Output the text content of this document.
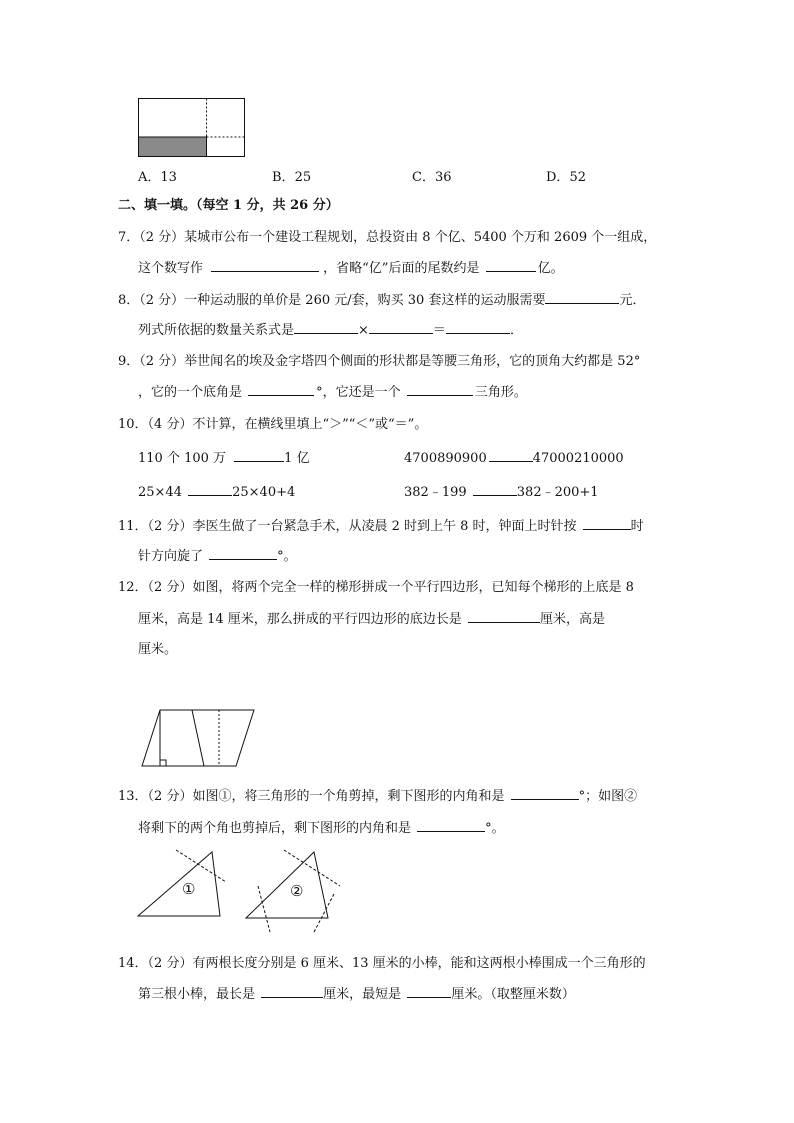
A．13	B．25	C．36	D．52
二、填一填。（每空 1 分，共 26 分）
7．（2 分）某城市公布一个建设工程规划，总投资由 8 个亿、5400 个万和 2609 个一组成，
这个数写作	，省略“亿”后面的尾数约是	亿。
8．（2 分）一种运动服的单价是 260 元/套，购买 30 套这样的运动服需要	元．
列式所依据的数量关系式是	×	＝	．
9．（2 分）举世闻名的埃及金字塔四个侧面的形状都是等腰三角形，它的顶角大约都是 52°
，它的一个底角是	°，它还是一个	三角形。
10．（4 分）不计算，在横线里填上“＞”“＜”或“＝”。
110 个 100 万	1 亿	4700890900	47000210000
25×44	25×40+4	382﹣199	382﹣200+1
11．（2 分）李医生做了一台紧急手术，从凌晨 2 时到上午 8 时，钟面上时针按	时
针方向旋了	°。
12．（2 分）如图，将两个完全一样的梯形拼成一个平行四边形，已知每个梯形的上底是 8
厘米，高是 14 厘米，那么拼成的平行四边形的底边长是	厘米，高是
厘米。
13．（2 分）如图①，将三角形的一个角剪掉，剩下图形的内角和是	°；如图②
将剩下的两个角也剪掉后，剩下图形的内角和是	°。
①	②
14．（2 分）有两根长度分别是 6 厘米、13 厘米的小棒，能和这两根小棒围成一个三角形的
第三根小棒，最长是	厘米，最短是	厘米。（取整厘米数）
